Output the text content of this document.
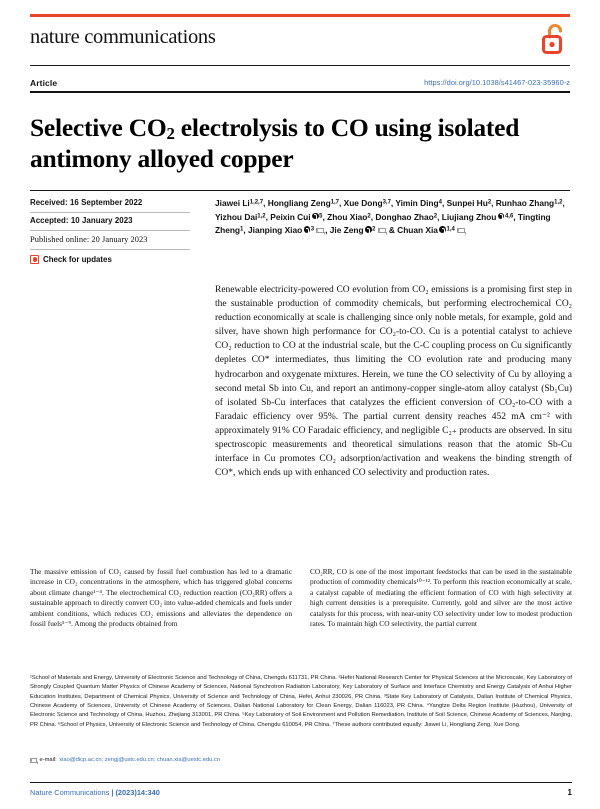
nature communications
Article	https://doi.org/10.1038/s41467-023-35960-z
Selective $CO_2$ electrolysis to CO using isolated antimony alloyed copper
Received: 16 September 2022
Accepted: 10 January 2023
Published online: 20 January 2023
Check for updates
Jiawei Li$^{1,2,7}$, Hongliang Zeng$^{1,7}$, Xue Dong$^{3,7}$, Yimin Ding$^4$, Sunpei Hu$^2$, Runhao Zhang$^{1,2}$, Yizhou Dai$^{1,2}$, Peixin Cui $^5$, Zhou Xiao$^2$, Donghao Zhao$^2$, Liujiang Zhou $^{4,6}$, Tingting Zheng$^1$, Jianping Xiao $^3$ , Jie Zeng $^2$ & Chuan Xia $^{1,4}$
Renewable electricity-powered CO evolution from CO₂ emissions is a promising first step in the sustainable production of commodity chemicals, but performing electrochemical CO₂ reduction economically at scale is challenging since only noble metals, for example, gold and silver, have shown high performance for CO₂-to-CO. Cu is a potential catalyst to achieve CO₂ reduction to CO at the industrial scale, but the C-C coupling process on Cu significantly depletes CO* intermediates, thus limiting the CO evolution rate and producing many hydrocarbon and oxygenate mixtures. Herein, we tune the CO selectivity of Cu by alloying a second metal Sb into Cu, and report an antimony-copper single-atom alloy catalyst (Sb₁Cu) of isolated Sb-Cu interfaces that catalyzes the efficient conversion of CO₂-to-CO with a Faradaic efficiency over 95%. The partial current density reaches 452 mA cm⁻² with approximately 91% CO Faradaic efficiency, and negligible C₂₊ products are observed. In situ spectroscopic measurements and theoretical simulations reason that the atomic Sb-Cu interface in Cu promotes CO₂ adsorption/activation and weakens the binding strength of CO*, which ends up with enhanced CO selectivity and production rates.
The massive emission of CO₂ caused by fossil fuel combustion has led to a dramatic increase in CO₂ concentrations in the atmosphere, which has triggered global concerns about climate change¹⁻⁴. The electrochemical CO₂ reduction reaction (CO₂RR) offers a sustainable approach to directly convert CO₂ into value-added chemicals and fuels under ambient conditions, which reduces CO₂ emissions and alleviates the dependence on fossil fuels⁵⁻⁹. Among the products obtained from
CO₂RR, CO is one of the most important feedstocks that can be used in the sustainable production of commodity chemicals¹⁰⁻¹². To perform this reaction economically at scale, a catalyst capable of mediating the efficient formation of CO with high selectivity at high current densities is a prerequisite. Currently, gold and silver are the most active catalysts for this process, with near-unity CO selectivity under low to modest production rates. To maintain high CO selectivity, the partial current
¹School of Materials and Energy, University of Electronic Science and Technology of China, Chengdu 611731, PR China. ²Hefei National Research Center for Physical Sciences at the Microscale, Key Laboratory of Strongly Coupled Quantum Matter Physics of Chinese Academy of Sciences, National Synchrotron Radiation Laboratory, Key Laboratory of Surface and Interface Chemistry and Energy Catalysis of Anhui Higher Education Institutes, Department of Chemical Physics, University of Science and Technology of China, Hefei, Anhui 230026, PR China. ³State Key Laboratory of Catalysis, Dalian Institute of Chemical Physics, Chinese Academy of Sciences, University of Chinese Academy of Sciences, Dalian National Laboratory for Clean Energy, Dalian 116023, PR China. ⁴Yangtze Delta Region Institute (Huzhou), University of Electronic Science and Technology of China, Huzhou, Zhejiang 313001, PR China. ⁵Key Laboratory of Soil Environment and Pollution Remediation, Institute of Soil Science, Chinese Academy of Sciences, Nanjing, PR China. ⁶School of Physics, University of Electronic Science and Technology of China, Chengdu 610054, PR China. ⁷These authors contributed equally: Jiawei Li, Hongliang Zeng, Xue Dong.
e-mail: xiao@dicp.ac.cn; zengj@ustc.edu.cn; chuan.xia@uestc.edu.cn
Nature Communications | (2023)14:340	1
